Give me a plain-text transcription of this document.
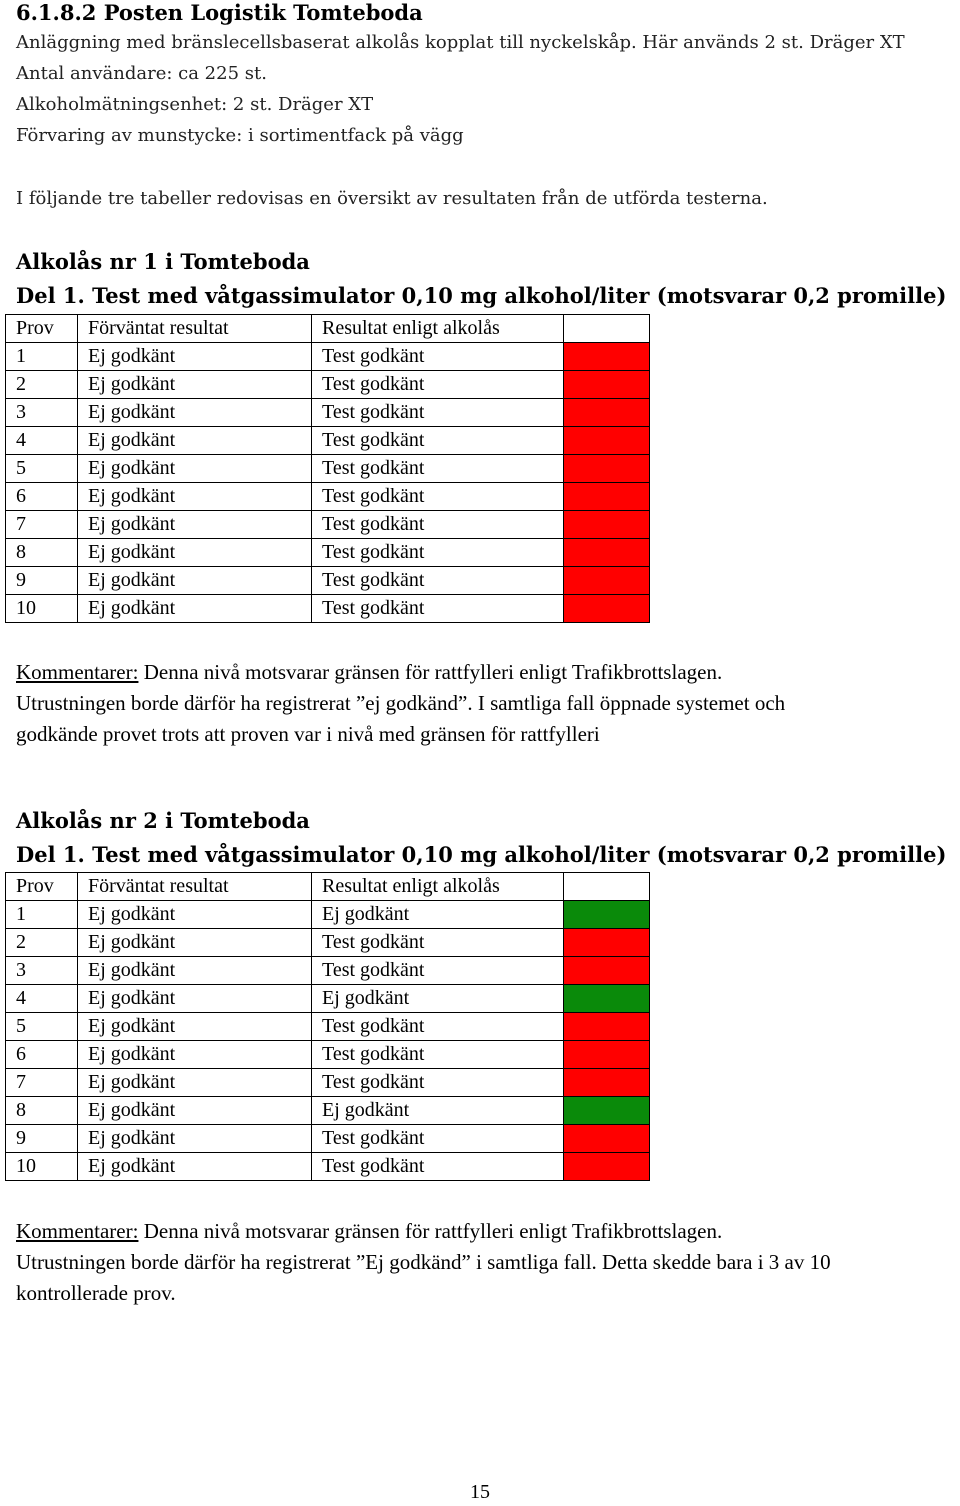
6.1.8.2 Posten Logistik Tomteboda
Anläggning med bränslecellsbaserat alkolås kopplat till nyckelskåp. Här används 2 st. Dräger XT
Antal användare: ca 225 st.
Alkoholmätningsenhet: 2 st. Dräger XT
Förvaring av munstycke: i sortimentfack på vägg
I följande tre tabeller redovisas en översikt av resultaten från de utförda testerna.
Alkolås nr 1 i Tomteboda
Del 1. Test med våtgassimulator 0,10 mg alkohol/liter (motsvarar 0,2 promille)
Prov	Förväntat resultat	Resultat enligt alkolås	
1	Ej godkänt	Test godkänt	
2	Ej godkänt	Test godkänt	
3	Ej godkänt	Test godkänt	
4	Ej godkänt	Test godkänt	
5	Ej godkänt	Test godkänt	
6	Ej godkänt	Test godkänt	
7	Ej godkänt	Test godkänt	
8	Ej godkänt	Test godkänt	
9	Ej godkänt	Test godkänt	
10	Ej godkänt	Test godkänt	
Kommentarer: Denna nivå motsvarar gränsen för rattfylleri enligt Trafikbrottslagen.
Utrustningen borde därför ha registrerat ”ej godkänd”. I samtliga fall öppnade systemet och
godkände provet trots att proven var i nivå med gränsen för rattfylleri
Alkolås nr 2 i Tomteboda
Del 1. Test med våtgassimulator 0,10 mg alkohol/liter (motsvarar 0,2 promille)
Prov	Förväntat resultat	Resultat enligt alkolås	
1	Ej godkänt	Ej godkänt	
2	Ej godkänt	Test godkänt	
3	Ej godkänt	Test godkänt	
4	Ej godkänt	Ej godkänt	
5	Ej godkänt	Test godkänt	
6	Ej godkänt	Test godkänt	
7	Ej godkänt	Test godkänt	
8	Ej godkänt	Ej godkänt	
9	Ej godkänt	Test godkänt	
10	Ej godkänt	Test godkänt	
Kommentarer: Denna nivå motsvarar gränsen för rattfylleri enligt Trafikbrottslagen.
Utrustningen borde därför ha registrerat ”Ej godkänd” i samtliga fall. Detta skedde bara i 3 av 10
kontrollerade prov.
15
